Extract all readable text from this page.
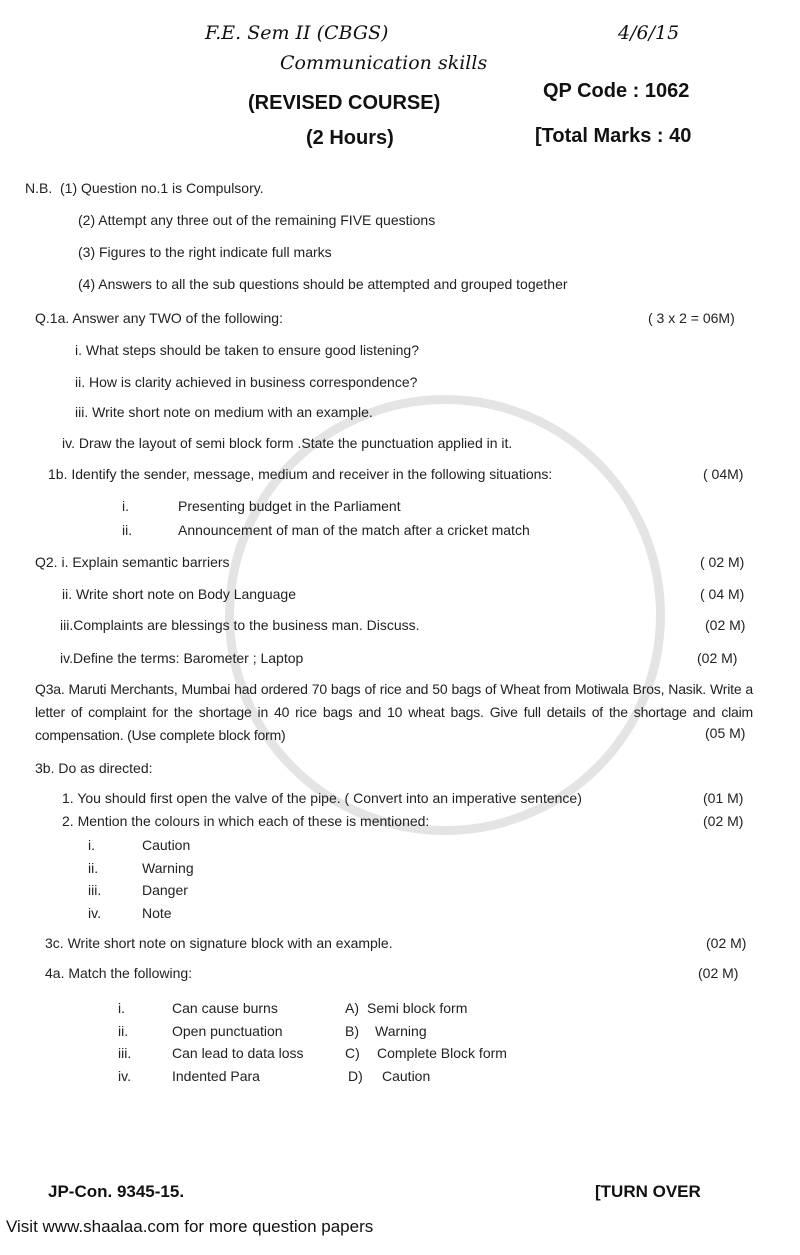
F.E. Sem II (CBGS)	4/6/15
Communication skills
QP Code : 1062
(REVISED COURSE)
(2 Hours)	[Total Marks : 40
N.B. (1) Question no.1 is Compulsory.
(2) Attempt any three out of the remaining FIVE questions
(3) Figures to the right indicate full marks
(4) Answers to all the sub questions should be attempted and grouped together
Q.1a. Answer any TWO of the following:	( 3 x 2 = 06M)
i. What steps should be taken to ensure good listening?
ii. How is clarity achieved in business correspondence?
iii. Write short note on medium with an example.
iv. Draw the layout of semi block form .State the punctuation applied in it.
1b. Identify the sender, message, medium and receiver in the following situations:	( 04M)
i.	Presenting budget in the Parliament
ii.	Announcement of man of the match after a cricket match
Q2. i. Explain semantic barriers	( 02 M)
ii. Write short note on Body Language	( 04 M)
iii.Complaints are blessings to the business man. Discuss.	(02 M)
iv.Define the terms: Barometer ; Laptop	(02 M)
Q3a. Maruti Merchants, Mumbai had ordered 70 bags of rice and 50 bags of Wheat from Motiwala Bros, Nasik. Write a letter of complaint for the shortage in 40 rice bags and 10 wheat bags. Give full details of the shortage and claim compensation. (Use complete block form)	(05 M)
3b. Do as directed:
1. You should first open the valve of the pipe. ( Convert into an imperative sentence)	(01 M)
2. Mention the colours in which each of these is mentioned:	(02 M)
i.	Caution
ii.	Warning
iii.	Danger
iv.	Note
3c. Write short note on signature block with an example.	(02 M)
4a. Match the following:	(02 M)
i.	Can cause burns	A) Semi block form
ii.	Open punctuation	B) Warning
iii.	Can lead to data loss	C) Complete Block form
iv.	Indented Para	D) Caution
JP-Con. 9345-15.	[TURN OVER
Visit www.shaalaa.com for more question papers
